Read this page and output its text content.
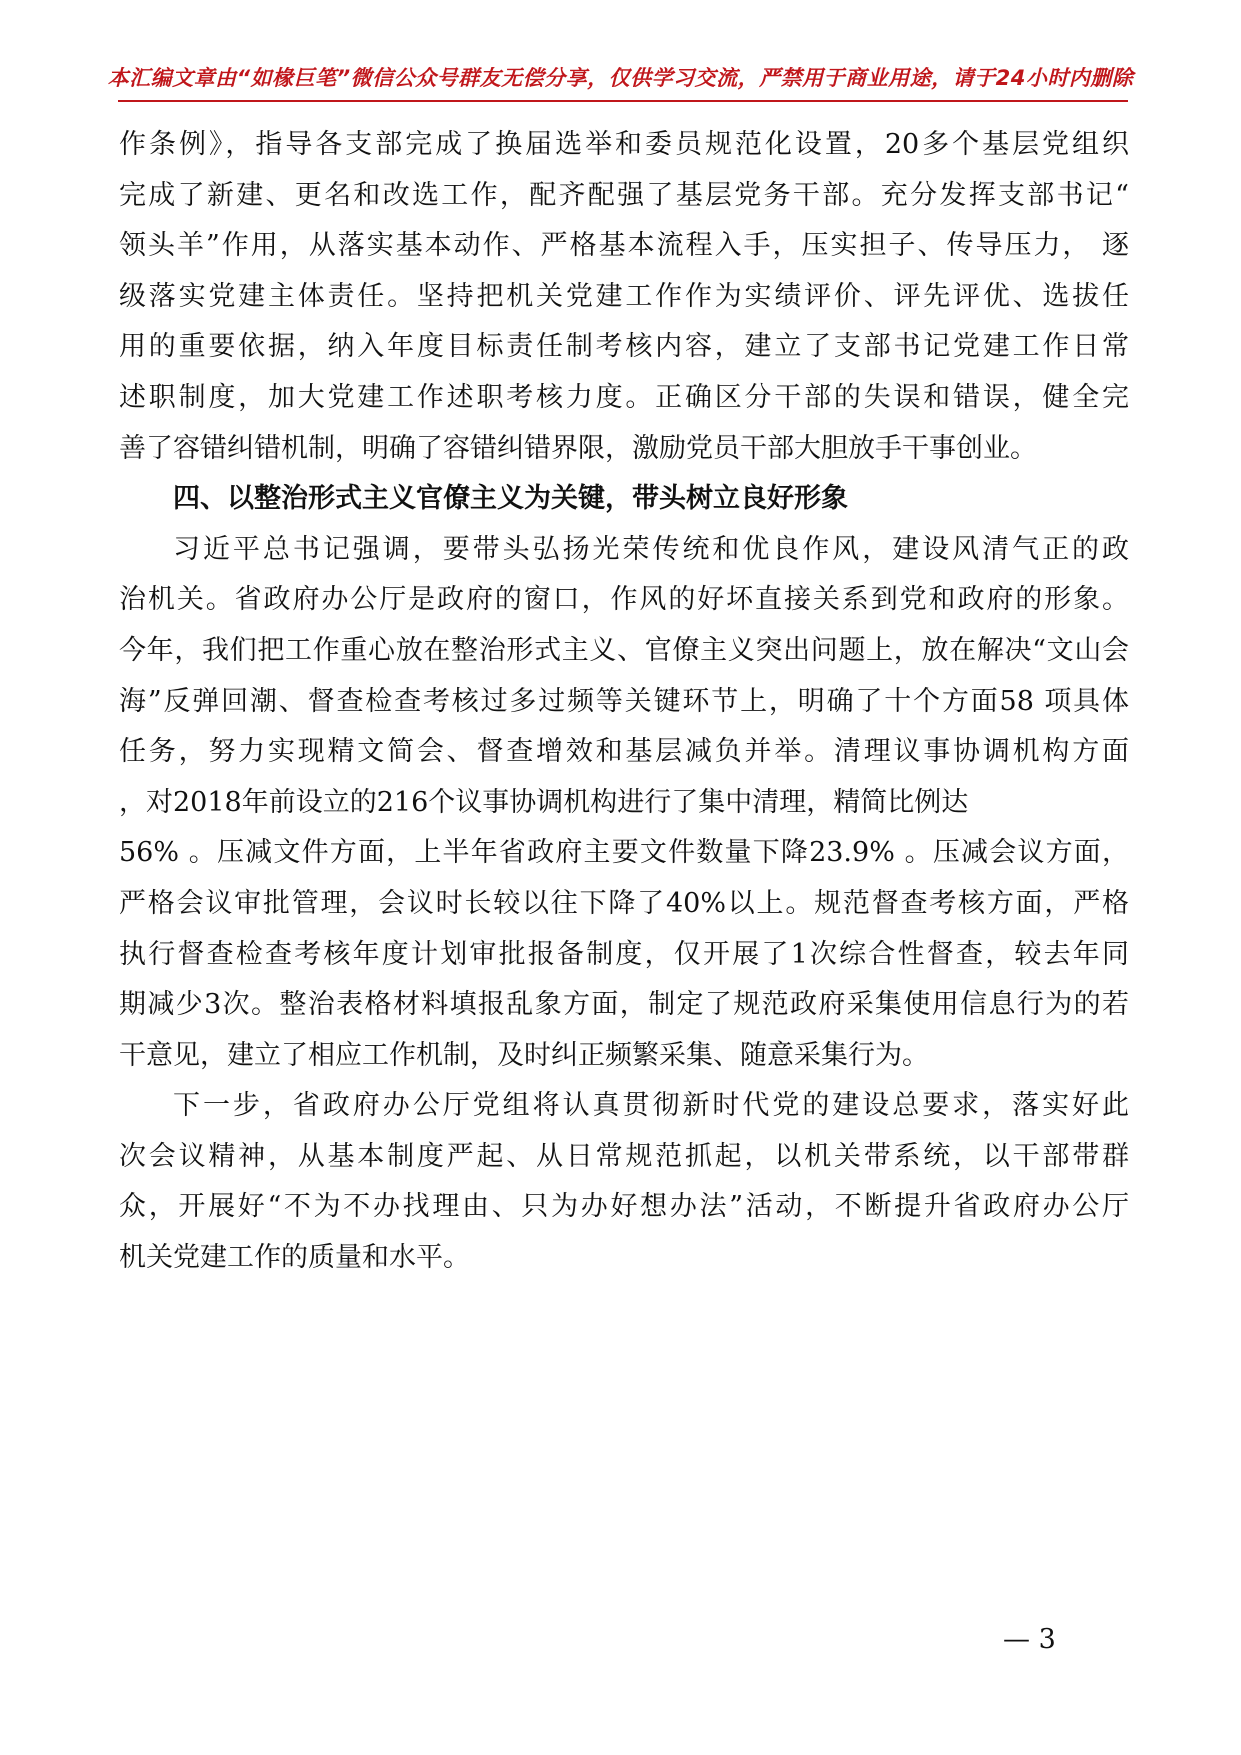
本汇编文章由“如椽巨笔”微信公众号群友无偿分享，仅供学习交流，严禁用于商业用途，请于24小时内删除
作条例》，指导各支部完成了换届选举和委员规范化设置，20多个基层党组织
完成了新建、更名和改选工作，配齐配强了基层党务干部。充分发挥支部书记“
领头羊”作用，从落实基本动作、严格基本流程入手，压实担子、传导压力， 逐
级落实党建主体责任。坚持把机关党建工作作为实绩评价、评先评优、选拔任
用的重要依据，纳入年度目标责任制考核内容，建立了支部书记党建工作日常
述职制度，加大党建工作述职考核力度。正确区分干部的失误和错误，健全完
善了容错纠错机制，明确了容错纠错界限，激励党员干部大胆放手干事创业。
四、以整治形式主义官僚主义为关键，带头树立良好形象
习近平总书记强调，要带头弘扬光荣传统和优良作风，建设风清气正的政
治机关。省政府办公厅是政府的窗口，作风的好坏直接关系到党和政府的形象。
今年，我们把工作重心放在整治形式主义、官僚主义突出问题上，放在解决“文山会
海”反弹回潮、督查检查考核过多过频等关键环节上，明确了十个方面58 项具体
任务，努力实现精文简会、督查增效和基层减负并举。清理议事协调机构方面
，对2018年前设立的216个议事协调机构进行了集中清理，精简比例达
56% 。压减文件方面，上半年省政府主要文件数量下降23.9% 。压减会议方面，
严格会议审批管理，会议时长较以往下降了40%以上。规范督查考核方面，严格
执行督查检查考核年度计划审批报备制度，仅开展了1次综合性督查，较去年同
期减少3次。整治表格材料填报乱象方面，制定了规范政府采集使用信息行为的若
干意见，建立了相应工作机制，及时纠正频繁采集、随意采集行为。
下一步，省政府办公厅党组将认真贯彻新时代党的建设总要求，落实好此
次会议精神，从基本制度严起、从日常规范抓起，以机关带系统，以干部带群
众，开展好“不为不办找理由、只为办好想办法”活动，不断提升省政府办公厅
机关党建工作的质量和水平。
— 3
